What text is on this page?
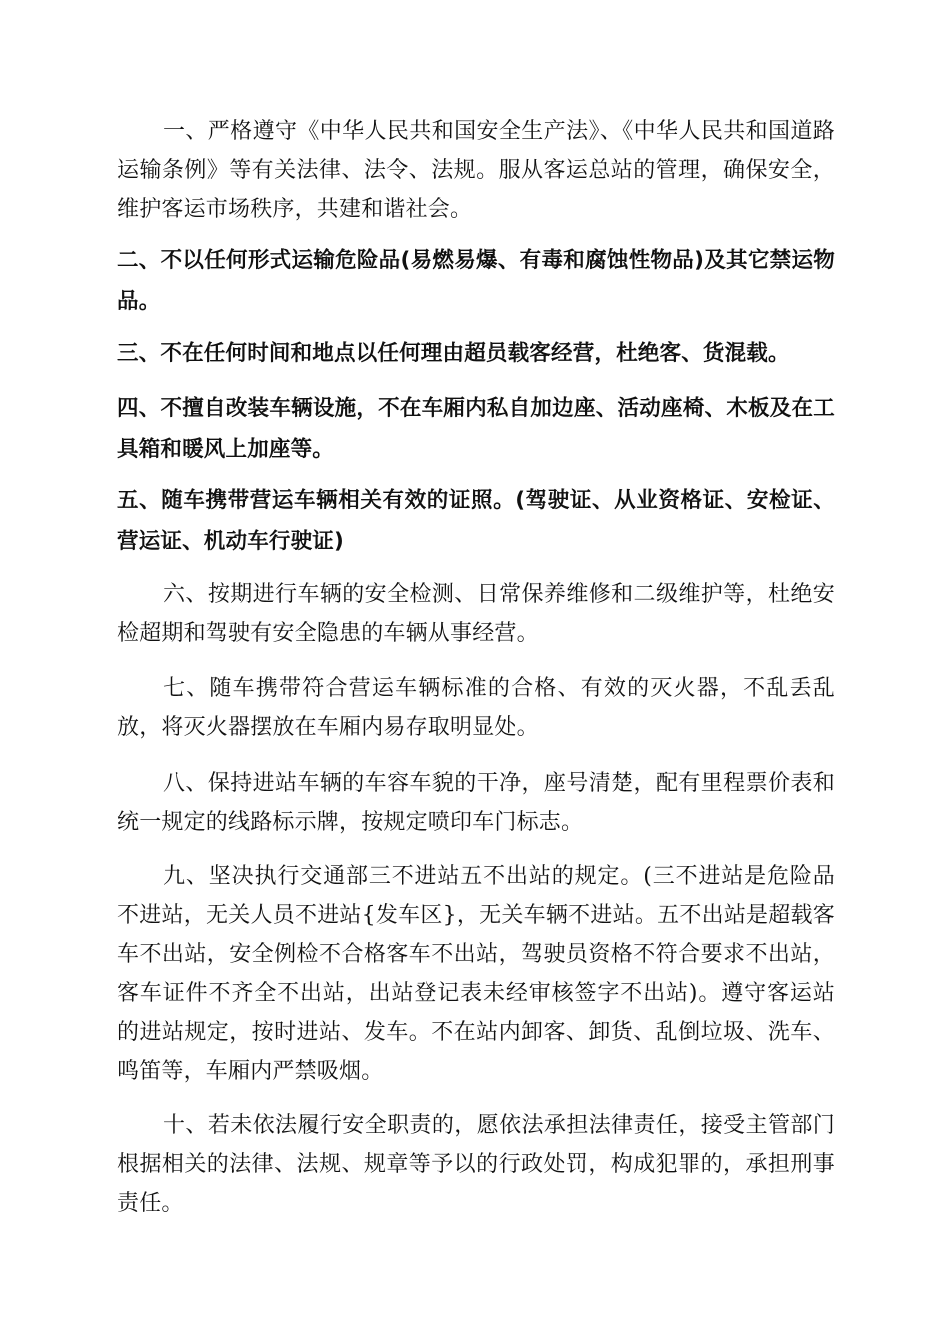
一、严格遵守《中华人民共和国安全生产法》、《中华人民共和国道路运输条例》等有关法律、法令、法规。服从客运总站的管理，确保安全，维护客运市场秩序，共建和谐社会。

二、不以任何形式运输危险品(易燃易爆、有毒和腐蚀性物品)及其它禁运物品。

三、不在任何时间和地点以任何理由超员载客经营，杜绝客、货混载。

四、不擅自改装车辆设施，不在车厢内私自加边座、活动座椅、木板及在工具箱和暖风上加座等。

五、随车携带营运车辆相关有效的证照。(驾驶证、从业资格证、安检证、营运证、机动车行驶证)

六、按期进行车辆的安全检测、日常保养维修和二级维护等，杜绝安检超期和驾驶有安全隐患的车辆从事经营。

七、随车携带符合营运车辆标准的合格、有效的灭火器，不乱丢乱放，将灭火器摆放在车厢内易存取明显处。

八、保持进站车辆的车容车貌的干净，座号清楚，配有里程票价表和统一规定的线路标示牌，按规定喷印车门标志。

九、坚决执行交通部三不进站五不出站的规定。(三不进站是危险品不进站，无关人员不进站{发车区}，无关车辆不进站。五不出站是超载客车不出站，安全例检不合格客车不出站，驾驶员资格不符合要求不出站，客车证件不齐全不出站，出站登记表未经审核签字不出站)。遵守客运站的进站规定，按时进站、发车。不在站内卸客、卸货、乱倒垃圾、洗车、鸣笛等，车厢内严禁吸烟。

十、若未依法履行安全职责的，愿依法承担法律责任，接受主管部门根据相关的法律、法规、规章等予以的行政处罚，构成犯罪的，承担刑事责任。
